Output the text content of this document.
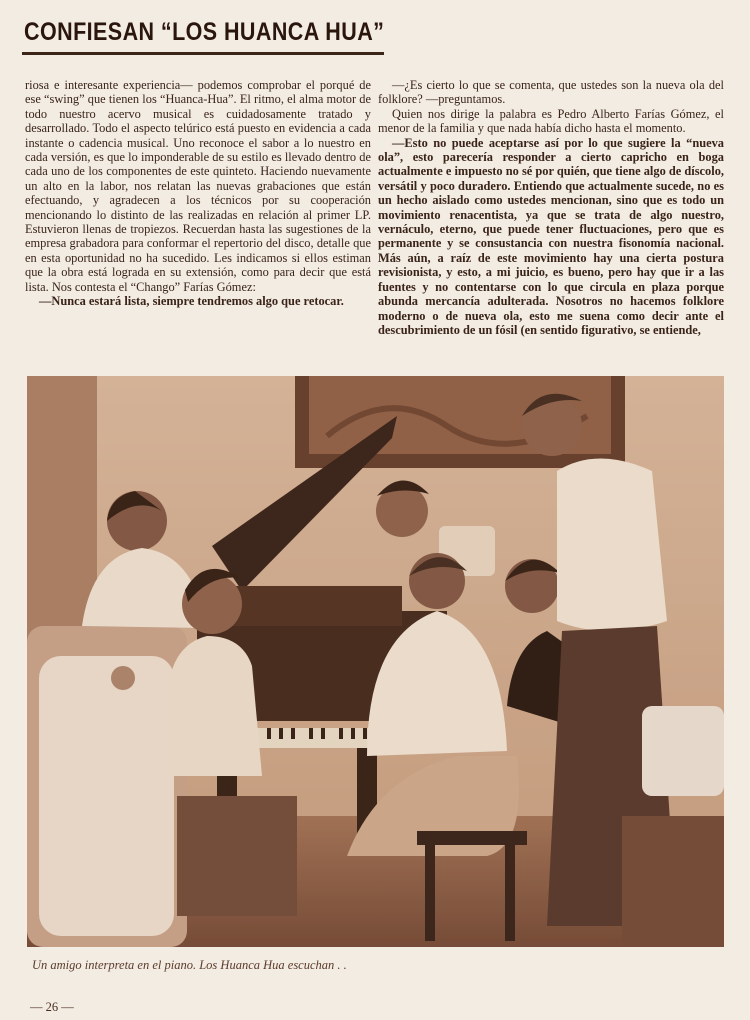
CONFIESAN “LOS HUANCA HUA”

riosa e interesante experiencia— podemos comprobar el porqué de ese “swing” que tienen los “Huanca-Hua”. El ritmo, el alma motor de todo nuestro acervo musical es cuidadosamente tratado y desarrollado. Todo el aspecto telúrico está puesto en evidencia a cada instante o cadencia musical. Uno reconoce el sabor a lo nuestro en cada versión, es que lo imponderable de su estilo es llevado dentro de cada uno de los componentes de este quinteto. Haciendo nuevamente un alto en la labor, nos relatan las nuevas grabaciones que están efectuando, y agradecen a los técnicos por su cooperación mencionando lo distinto de las realizadas en relación al primer LP. Estuvieron llenas de tropiezos. Recuerdan hasta las sugestiones de la empresa grabadora para conformar el repertorio del disco, detalle que en esta oportunidad no ha sucedido. Les indicamos si ellos estiman que la obra está lograda en su extensión, como para decir que está lista. Nos contesta el “Chango” Farías Gómez:

—Nunca estará lista, siempre tendremos algo que retocar.

—¿Es cierto lo que se comenta, que ustedes son la nueva ola del folklore? —preguntamos.

Quien nos dirige la palabra es Pedro Alberto Farías Gómez, el menor de la familia y que nada había dicho hasta el momento.

—Esto no puede aceptarse así por lo que sugiere la “nueva ola”, esto parecería responder a cierto capricho en boga actualmente e impuesto no sé por quién, que tiene algo de díscolo, versátil y poco duradero. Entiendo que actualmente sucede, no es un hecho aislado como ustedes mencionan, sino que es todo un movimiento renacentista, ya que se trata de algo nuestro, vernáculo, eterno, que puede tener fluctuaciones, pero que es permanente y se consustancia con nuestra fisonomía nacional. Más aún, a raíz de este movimiento hay una cierta postura revisionista, y esto, a mi juicio, es bueno, pero hay que ir a las fuentes y no contentarse con lo que circula en plaza porque abunda mercancía adulterada. Nosotros no hacemos folklore moderno o de nueva ola, esto me suena como decir ante el descubrimiento de un fósil (en sentido figurativo, se entiende,

Un amigo interpreta en el piano. Los Huanca Hua escuchan . .
— 26 —
